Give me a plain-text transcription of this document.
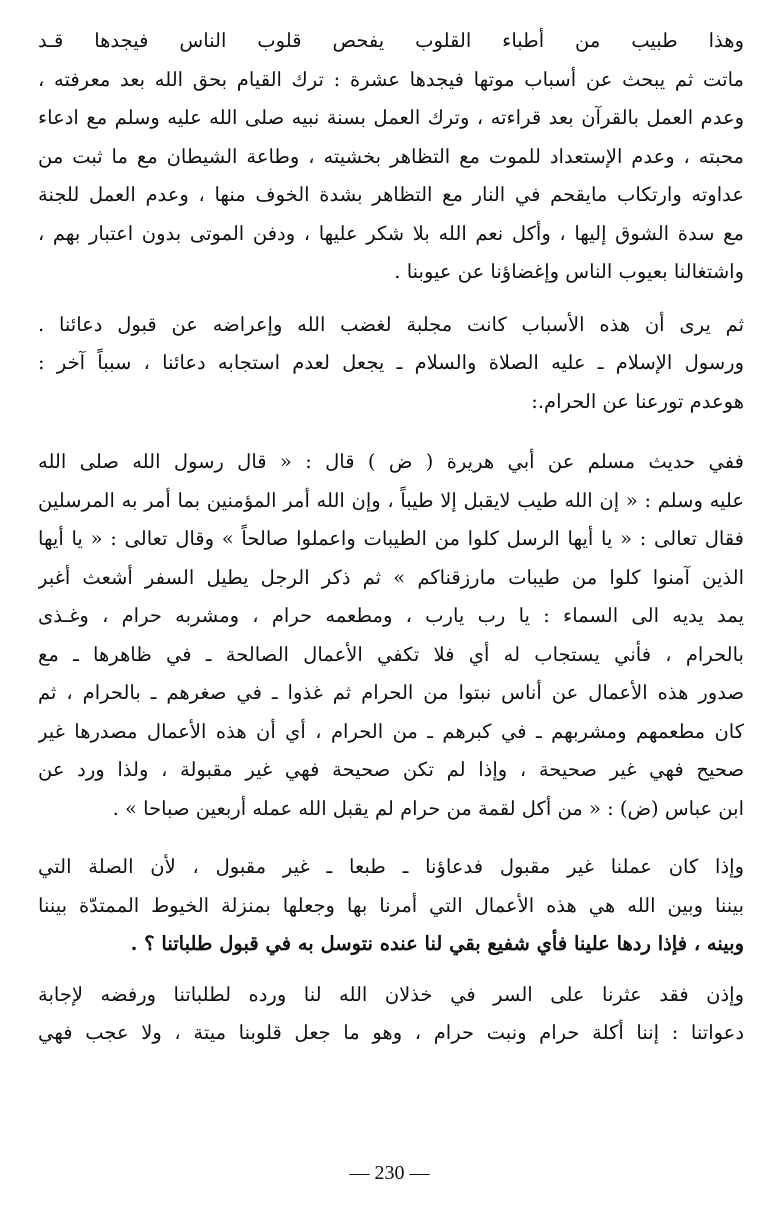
وهذا طبيب من أطباء القلوب يفحص قلوب الناس فيجدها قـد
ماتت ثم يبحث عن أسباب موتها فيجدها عشرة : ترك القيام بحق الله بعد معرفته ،
وعدم العمل بالقرآن بعد قراءته ، وترك العمل بسنة نبيه صلى الله عليه وسلم مع ادعاء
محبته ، وعدم الإستعداد للموت مع التظاهر بخشيته ، وطاعة الشيطان مع ما ثبت من
عداوته وارتكاب مايقحم في النار مع التظاهر بشدة الخوف منها ، وعدم العمل للجنة
مع سدة الشوق إليها ، وأكل نعم الله بلا شكر عليها ، ودفن الموتى بدون اعتبار بهم ،
واشتغالنا بعيوب الناس وإغضاؤنا عن عيوبنا .
ثم يرى أن هذه الأسباب كانت مجلبة لغضب الله وإعراضه عن قبول دعائنا .
ورسول الإسلام ـ عليه الصلاة والسلام ـ يجعل لعدم استجابه دعائنا ، سبباً آخر :
هوعدم تورعنا عن الحرام.:
ففي حديث مسلم عن أبي هريرة ( ض ) قال : « قال رسول الله صلى الله
عليه وسلم : « إن الله طيب لايقبل إلا طيباً ، وإن الله أمر المؤمنين بما أمر به المرسلين
فقال تعالى : « يا أيها الرسل كلوا من الطيبات واعملوا صالحاً » وقال تعالى : « يا أيها
الذين آمنوا كلوا من طيبات مارزقناكم » ثم ذكر الرجل يطيل السفر أشعث أغبر
يمد يديه الى السماء : يا رب يارب ، ومطعمه حرام ، ومشربه حرام ، وغـذى
بالحرام ، فأني يستجاب له أي فلا تكفي الأعمال الصالحة ـ في ظاهرها ـ مع
صدور هذه الأعمال عن أناس نبتوا من الحرام ثم غذوا ـ في صغرهم ـ بالحرام ، ثم
كان مطعمهم ومشربهم ـ في كبرهم ـ من الحرام ، أي أن هذه الأعمال مصدرها غير
صحيح فهي غير صحيحة ، وإذا لم تكن صحيحة فهي غير مقبولة ، ولذا ورد عن
ابن عباس (ض) : « من أكل لقمة من حرام لم يقبل الله عمله أربعين صباحا » .
وإذا كان عملنا غير مقبول فدعاؤنا ـ طبعا ـ غير مقبول ، لأن الصلة التي
بيننا وبين الله هي هذه الأعمال التي أمرنا بها وجعلها بمنزلة الخيوط الممتدّة بيننا
وبينه ، فإذا ردها علينا فأي شفيع بقي لنا عنده نتوسل به في قبول طلباتنا ؟ .
وإذن فقد عثرنا على السر في خذلان الله لنا ورده لطلباتنا ورفضه لإجابة
دعواتنا : إننا أكلة حرام ونبت حرام ، وهو ما جعل قلوبنا ميتة ، ولا عجب فهي
— 230 —
